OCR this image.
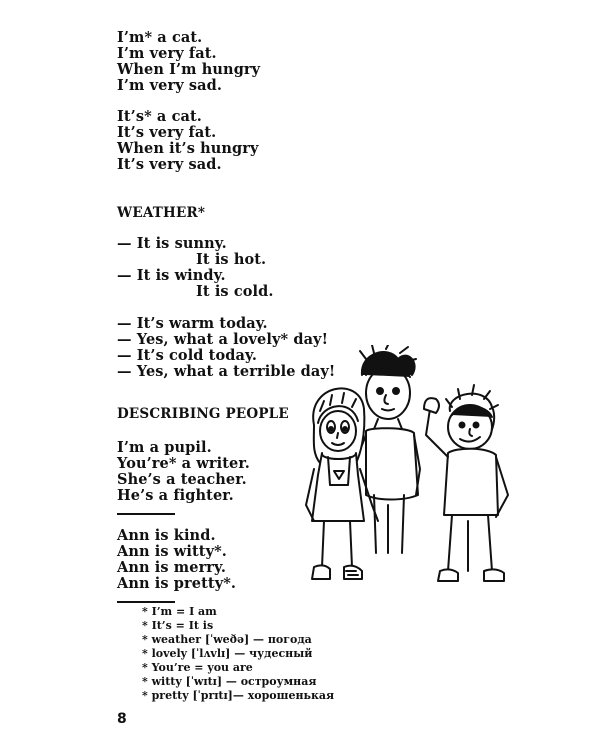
I’m* a cat.
I’m very fat.
When I’m hungry
I’m very sad.
It’s* a cat.
It’s very fat.
When it’s hungry
It’s very sad.
WEATHER*
— It is sunny.
It is hot.
— It is windy.
It is cold.
— It’s warm today.
— Yes, what a lovely* day!
— It’s cold today.
— Yes, what a terrible day!
DESCRIBING PEOPLE
I’m a pupil.
You’re* a writer.
She’s a teacher.
He’s a fighter.
Ann is kind.
Ann is witty*.
Ann is merry.
Ann is pretty*.
* I’m = I am
* It’s = It is
* weather [ˈweðə] — погода
* lovely [ˈlʌvlɪ] — чудесный
* You’re = you are
* witty [ˈwɪtɪ] — остроумная
* pretty [ˈprɪtɪ]— хорошенькая
8
